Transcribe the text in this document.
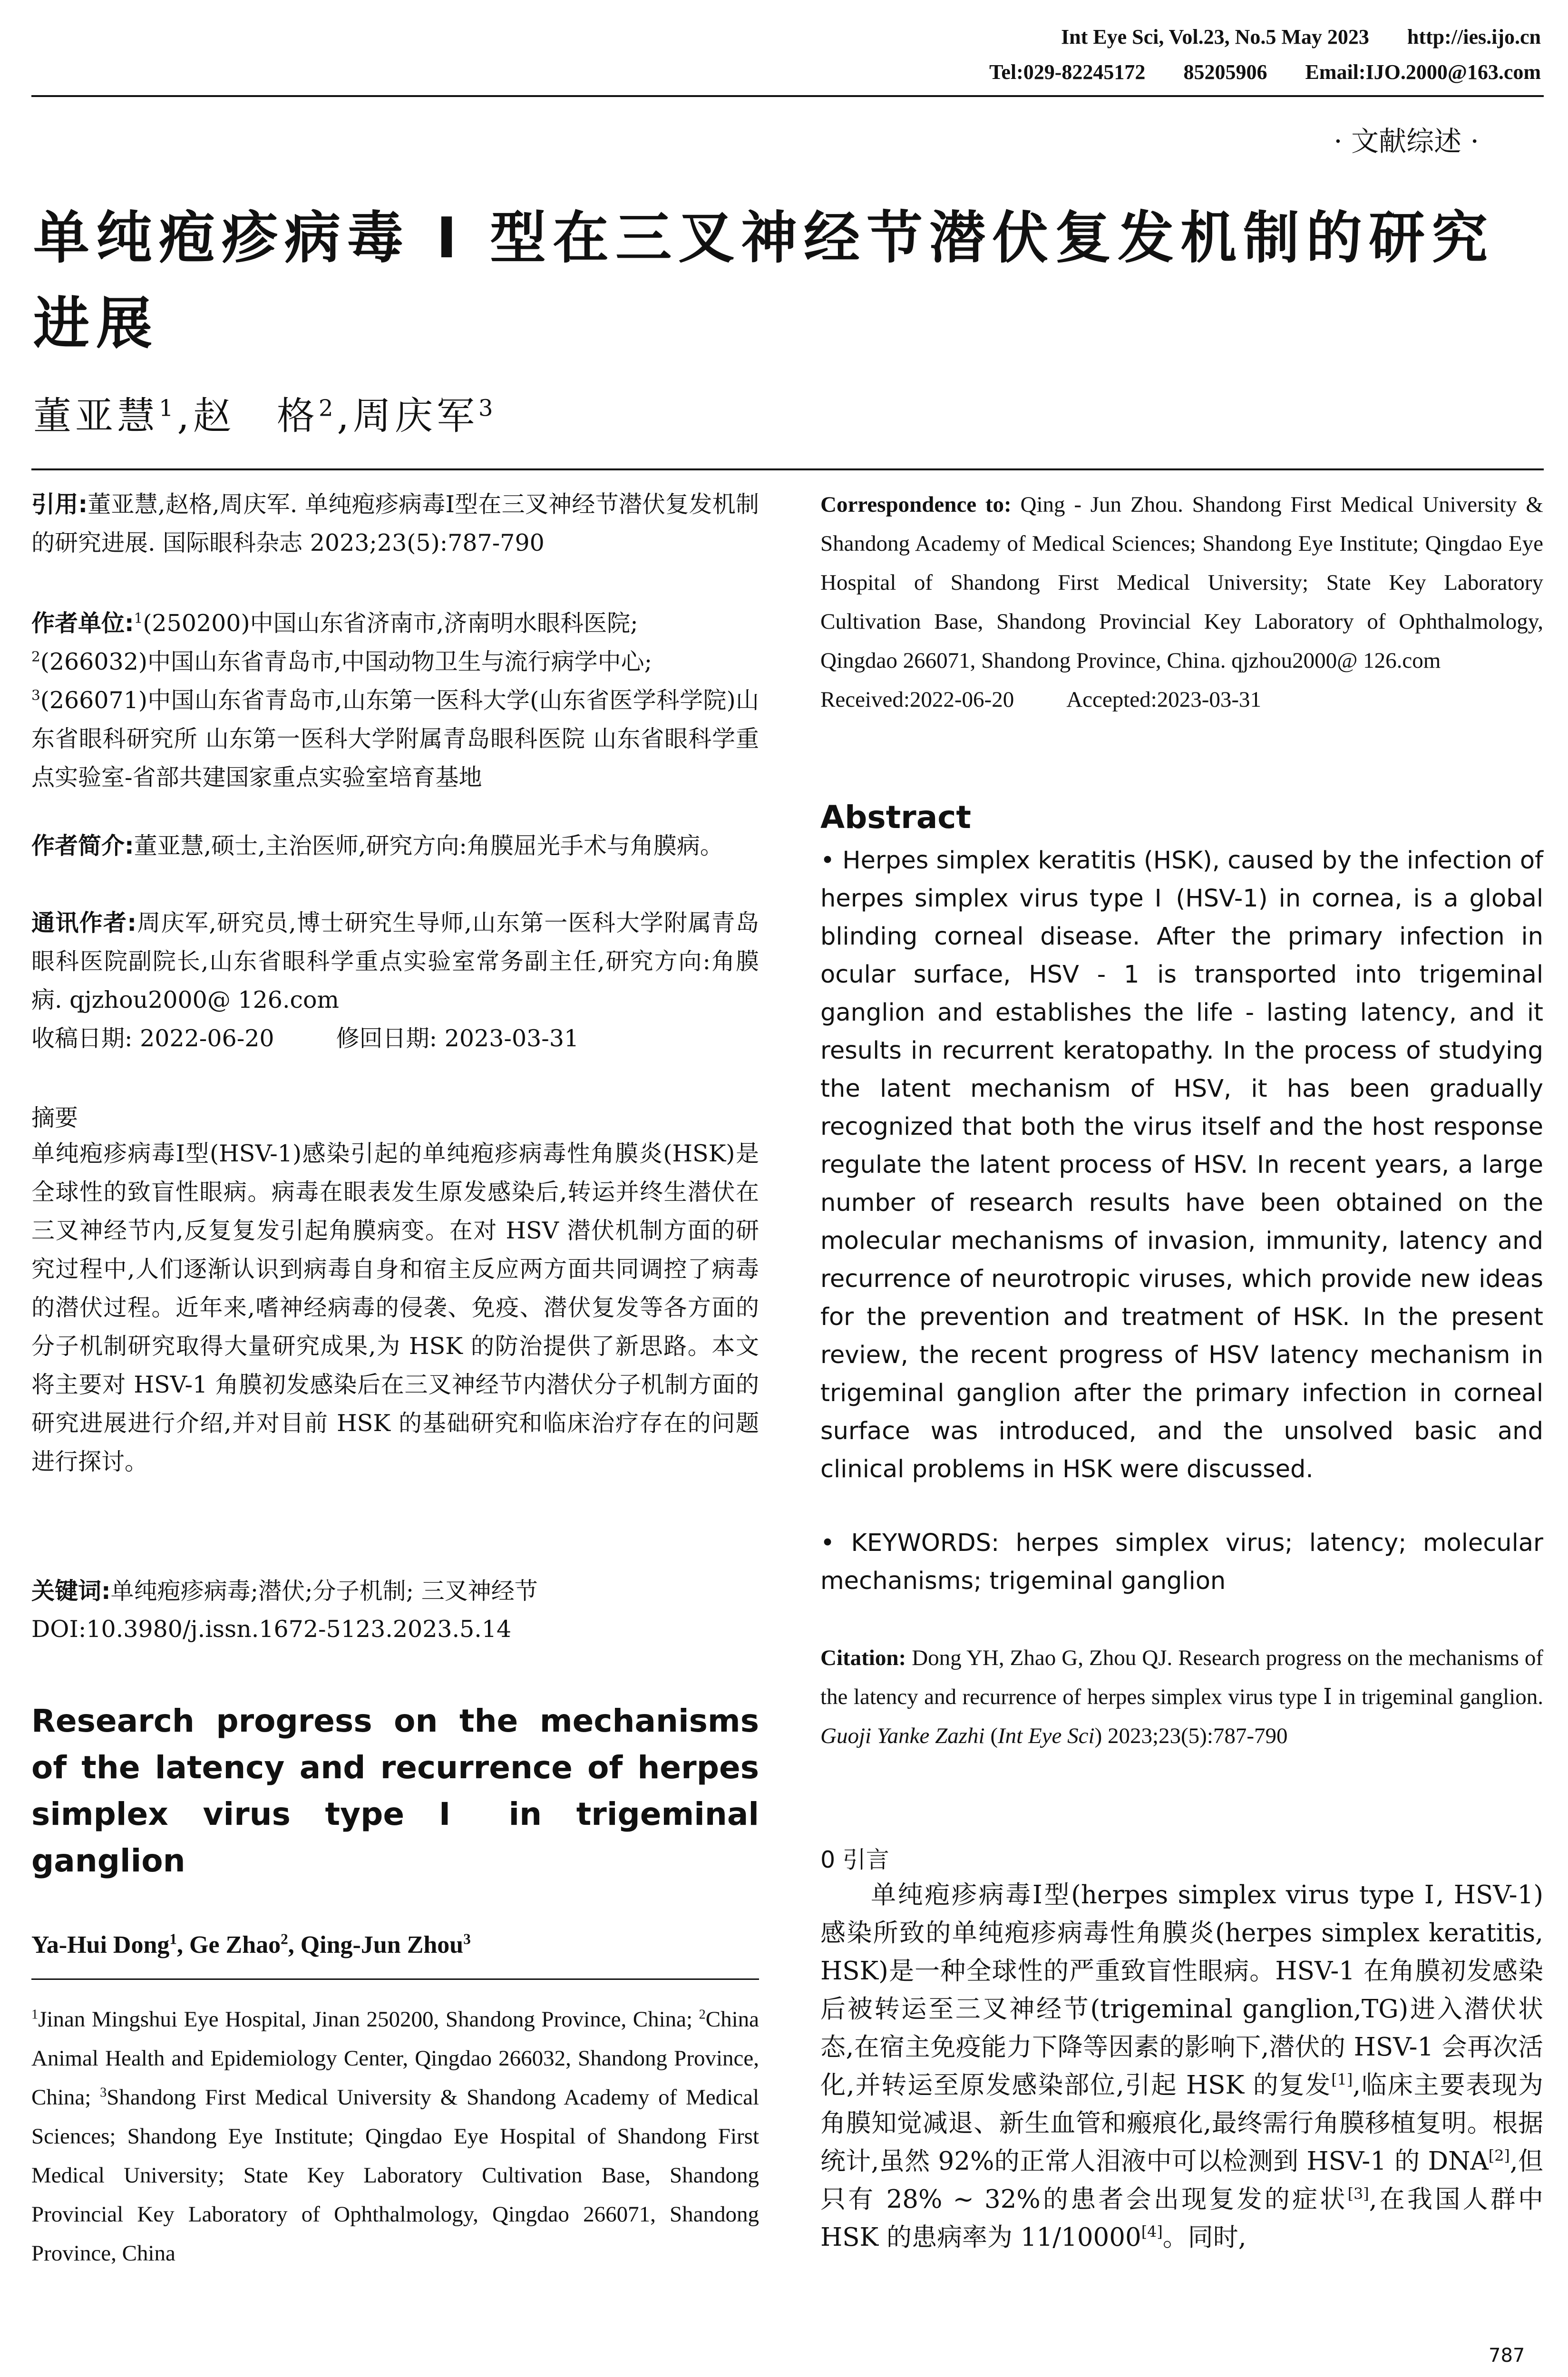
Int Eye Sci, Vol.23, No.5 May 2023 http://ies.ijo.cn
Tel:029-82245172 85205906 Email:IJO.2000@163.com
· 文献综述 ·
单纯疱疹病毒 Ⅰ 型在三叉神经节潜伏复发机制的研究进展
董亚慧$^1$,赵　格$^2$,周庆军$^3$
引用:董亚慧,赵格,周庆军. 单纯疱疹病毒Ⅰ型在三叉神经节潜伏复发机制的研究进展. 国际眼科杂志 2023;23(5):787-790
作者单位:$^1$(250200)中国山东省济南市,济南明水眼科医院;
$^2$(266032)中国山东省青岛市,中国动物卫生与流行病学中心;
$^3$(266071)中国山东省青岛市,山东第一医科大学(山东省医学科学院)山东省眼科研究所 山东第一医科大学附属青岛眼科医院 山东省眼科学重点实验室-省部共建国家重点实验室培育基地
作者简介:董亚慧,硕士,主治医师,研究方向:角膜屈光手术与角膜病。
通讯作者:周庆军,研究员,博士研究生导师,山东第一医科大学附属青岛眼科医院副院长,山东省眼科学重点实验室常务副主任,研究方向:角膜病. qjzhou2000@ 126.com
收稿日期: 2022-06-20	修回日期: 2023-03-31
摘要
单纯疱疹病毒Ⅰ型(HSV-1)感染引起的单纯疱疹病毒性角膜炎(HSK)是全球性的致盲性眼病。病毒在眼表发生原发感染后,转运并终生潜伏在三叉神经节内,反复复发引起角膜病变。在对 HSV 潜伏机制方面的研究过程中,人们逐渐认识到病毒自身和宿主反应两方面共同调控了病毒的潜伏过程。近年来,嗜神经病毒的侵袭、免疫、潜伏复发等各方面的分子机制研究取得大量研究成果,为 HSK 的防治提供了新思路。本文将主要对 HSV-1 角膜初发感染后在三叉神经节内潜伏分子机制方面的研究进展进行介绍,并对目前 HSK 的基础研究和临床治疗存在的问题进行探讨。
关键词:单纯疱疹病毒;潜伏;分子机制; 三叉神经节
DOI:10.3980/j.issn.1672-5123.2023.5.14
Research progress on the mechanisms of the latency and recurrence of herpes simplex virus type Ⅰ in trigeminal ganglion
Ya-Hui Dong$^1$, Ge Zhao$^2$, Qing-Jun Zhou$^3$
$^1$Jinan Mingshui Eye Hospital, Jinan 250200, Shandong Province, China; $^2$China Animal Health and Epidemiology Center, Qingdao 266032, Shandong Province, China; $^3$Shandong First Medical University & Shandong Academy of Medical Sciences; Shandong Eye Institute; Qingdao Eye Hospital of Shandong First Medical University; State Key Laboratory Cultivation Base, Shandong Provincial Key Laboratory of Ophthalmology, Qingdao 266071, Shandong Province, China
Correspondence to: Qing - Jun Zhou. Shandong First Medical University & Shandong Academy of Medical Sciences; Shandong Eye Institute; Qingdao Eye Hospital of Shandong First Medical University; State Key Laboratory Cultivation Base, Shandong Provincial Key Laboratory of Ophthalmology, Qingdao 266071, Shandong Province, China. qjzhou2000@ 126.com
Received:2022-06-20 Accepted:2023-03-31
Abstract
• Herpes simplex keratitis (HSK), caused by the infection of herpes simplex virus type Ⅰ (HSV-1) in cornea, is a global blinding corneal disease. After the primary infection in ocular surface, HSV - 1 is transported into trigeminal ganglion and establishes the life - lasting latency, and it results in recurrent keratopathy. In the process of studying the latent mechanism of HSV, it has been gradually recognized that both the virus itself and the host response regulate the latent process of HSV. In recent years, a large number of research results have been obtained on the molecular mechanisms of invasion, immunity, latency and recurrence of neurotropic viruses, which provide new ideas for the prevention and treatment of HSK. In the present review, the recent progress of HSV latency mechanism in trigeminal ganglion after the primary infection in corneal surface was introduced, and the unsolved basic and clinical problems in HSK were discussed.
• KEYWORDS: herpes simplex virus; latency; molecular mechanisms; trigeminal ganglion
Citation: Dong YH, Zhao G, Zhou QJ. Research progress on the mechanisms of the latency and recurrence of herpes simplex virus type Ⅰ in trigeminal ganglion. Guoji Yanke Zazhi (Int Eye Sci) 2023;23(5):787-790
0 引言
单纯疱疹病毒Ⅰ型(herpes simplex virus type Ⅰ, HSV-1)感染所致的单纯疱疹病毒性角膜炎(herpes simplex keratitis, HSK)是一种全球性的严重致盲性眼病。HSV-1 在角膜初发感染后被转运至三叉神经节(trigeminal ganglion,TG)进入潜伏状态,在宿主免疫能力下降等因素的影响下,潜伏的 HSV-1 会再次活化,并转运至原发感染部位,引起 HSK 的复发[1],临床主要表现为角膜知觉减退、新生血管和瘢痕化,最终需行角膜移植复明。根据统计,虽然 92%的正常人泪液中可以检测到 HSV-1 的 DNA[2],但只有 28% ~ 32%的患者会出现复发的症状[3],在我国人群中 HSK 的患病率为 11/10000[4]。同时,
787
